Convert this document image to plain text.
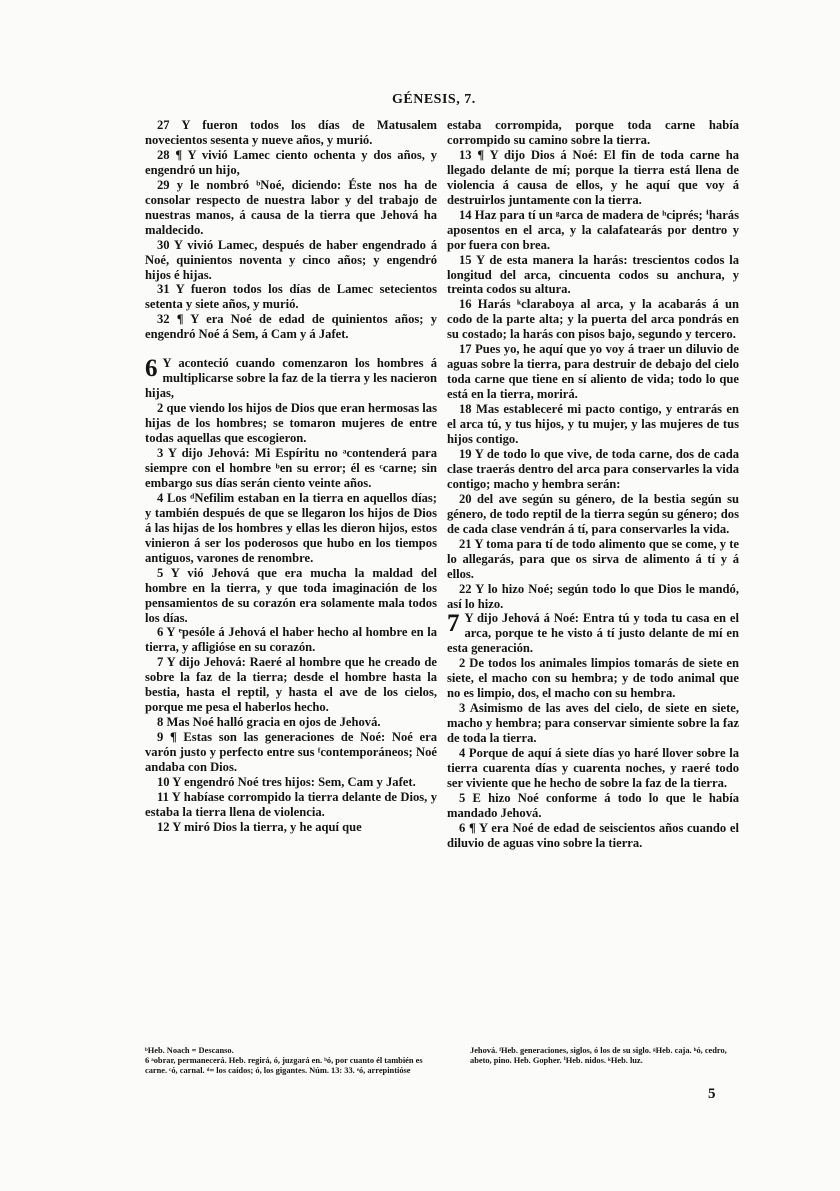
GÉNESIS, 7.

27 Y fueron todos los días de Matusalem novecientos sesenta y nueve años, y murió.

28 ¶ Y vivió Lamec ciento ochenta y dos años, y engendró un hijo,

29 y le nombró ᵇNoé, diciendo: Éste nos ha de consolar respecto de nuestra labor y del trabajo de nuestras manos, á causa de la tierra que Jehová ha maldecido.

30 Y vivió Lamec, después de haber engendrado á Noé, quinientos noventa y cinco años; y engendró hijos é hijas.

31 Y fueron todos los días de Lamec setecientos setenta y siete años, y murió.

32 ¶ Y era Noé de edad de quinientos años; y engendró Noé á Sem, á Cam y á Jafet.

6 Y aconteció cuando comenzaron los hombres á multiplicarse sobre la faz de la tierra y les nacieron hijas,

2 que viendo los hijos de Dios que eran hermosas las hijas de los hombres; se tomaron mujeres de entre todas aquellas que escogieron.

3 Y dijo Jehová: Mi Espíritu no ᵃcontenderá para siempre con el hombre ᵇen su error; él es ᶜcarne; sin embargo sus días serán ciento veinte años.

4 Los ᵈNefilim estaban en la tierra en aquellos días; y también después de que se llegaron los hijos de Dios á las hijas de los hombres y ellas les dieron hijos, estos vinieron á ser los poderosos que hubo en los tiempos antiguos, varones de renombre.

5 Y vió Jehová que era mucha la maldad del hombre en la tierra, y que toda imaginación de los pensamientos de su corazón era solamente mala todos los días.

6 Y ᵉpesóle á Jehová el haber hecho al hombre en la tierra, y afligióse en su corazón.

7 Y dijo Jehová: Raeré al hombre que he creado de sobre la faz de la tierra; desde el hombre hasta la bestia, hasta el reptil, y hasta el ave de los cielos, porque me pesa el haberlos hecho.

8 Mas Noé halló gracia en ojos de Jehová.

9 ¶ Estas son las generaciones de Noé: Noé era varón justo y perfecto entre sus ᶠcontemporáneos; Noé andaba con Dios.

10 Y engendró Noé tres hijos: Sem, Cam y Jafet.

11 Y habíase corrompido la tierra delante de Dios, y estaba la tierra llena de violencia.

12 Y miró Dios la tierra, y he aquí que

estaba corrompida, porque toda carne había corrompido su camino sobre la tierra.

13 ¶ Y dijo Dios á Noé: El fin de toda carne ha llegado delante de mí; porque la tierra está llena de violencia á causa de ellos, y he aquí que voy á destruirlos juntamente con la tierra.

14 Haz para tí un ᵍarca de madera de ʰciprés; ⁱharás aposentos en el arca, y la calafatearás por dentro y por fuera con brea.

15 Y de esta manera la harás: trescientos codos la longitud del arca, cincuenta codos su anchura, y treinta codos su altura.

16 Harás ᵏclaraboya al arca, y la acabarás á un codo de la parte alta; y la puerta del arca pondrás en su costado; la harás con pisos bajo, segundo y tercero.

17 Pues yo, he aquí que yo voy á traer un diluvio de aguas sobre la tierra, para destruir de debajo del cielo toda carne que tiene en sí aliento de vida; todo lo que está en la tierra, morirá.

18 Mas estableceré mi pacto contigo, y entrarás en el arca tú, y tus hijos, y tu mujer, y las mujeres de tus hijos contigo.

19 Y de todo lo que vive, de toda carne, dos de cada clase traerás dentro del arca para conservarles la vida contigo; macho y hembra serán:

20 del ave según su género, de la bestia según su género, de todo reptil de la tierra según su género; dos de cada clase vendrán á tí, para conservarles la vida.

21 Y toma para tí de todo alimento que se come, y te lo allegarás, para que os sirva de alimento á tí y á ellos.

22 Y lo hizo Noé; según todo lo que Dios le mandó, así lo hizo.

7 Y dijo Jehová á Noé: Entra tú y toda tu casa en el arca, porque te he visto á tí justo delante de mí en esta generación.

2 De todos los animales limpios tomarás de siete en siete, el macho con su hembra; y de todo animal que no es limpio, dos, el macho con su hembra.

3 Asimismo de las aves del cielo, de siete en siete, macho y hembra; para conservar simiente sobre la faz de toda la tierra.

4 Porque de aquí á siete días yo haré llover sobre la tierra cuarenta días y cuarenta noches, y raeré todo ser viviente que he hecho de sobre la faz de la tierra.

5 E hizo Noé conforme á todo lo que le había mandado Jehová.

6 ¶ Y era Noé de edad de seiscientos años cuando el diluvio de aguas vino sobre la tierra.

ᵇHeb. Noach = Descanso.

6 ᵃobrar, permanecerá. Heb. regirá, ó, juzgará en. ᵇó, por cuanto él también es carne. ᶜó, carnal. ᵈ= los caídos; ó, los gigantes. Núm. 13: 33. ᵉó, arrepintióse

Jehová. ᶠHeb. generaciones, siglos, ó los de su siglo. ᵍHeb. caja. ʰó, cedro, abeto, pino. Heb. Gopher. ⁱHeb. nidos. ᵏHeb. luz.

5
